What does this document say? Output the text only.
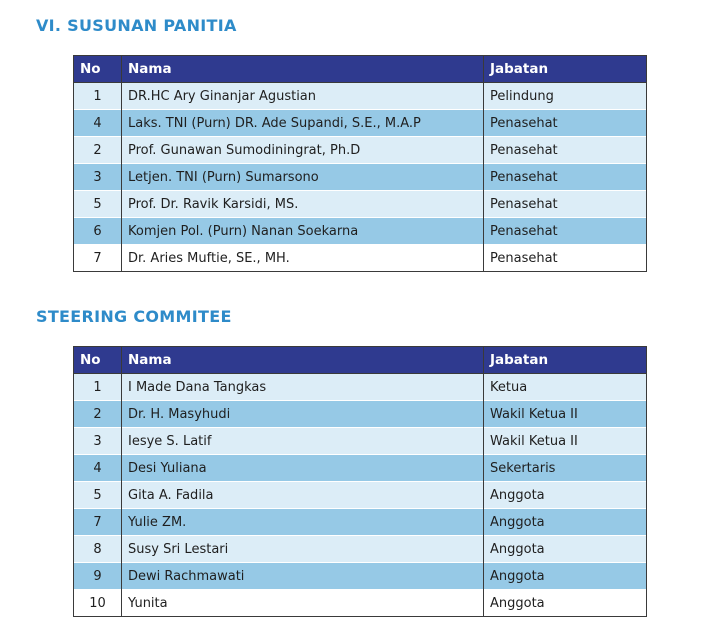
VI. SUSUNAN PANITIA
No	Nama	Jabatan
1	DR.HC Ary Ginanjar Agustian	Pelindung
4	Laks. TNI (Purn) DR. Ade Supandi, S.E., M.A.P	Penasehat
2	Prof. Gunawan Sumodiningrat, Ph.D	Penasehat
3	Letjen. TNI (Purn) Sumarsono	Penasehat
5	Prof. Dr. Ravik Karsidi, MS.	Penasehat
6	Komjen Pol. (Purn) Nanan Soekarna	Penasehat
7	Dr. Aries Muftie, SE., MH.	Penasehat
STEERING COMMITEE
No	Nama	Jabatan
1	I Made Dana Tangkas	Ketua
2	Dr. H. Masyhudi	Wakil Ketua II
3	Iesye S. Latif	Wakil Ketua II
4	Desi Yuliana	Sekertaris
5	Gita A. Fadila	Anggota
7	Yulie ZM.	Anggota
8	Susy Sri Lestari	Anggota
9	Dewi Rachmawati	Anggota
10	Yunita	Anggota
